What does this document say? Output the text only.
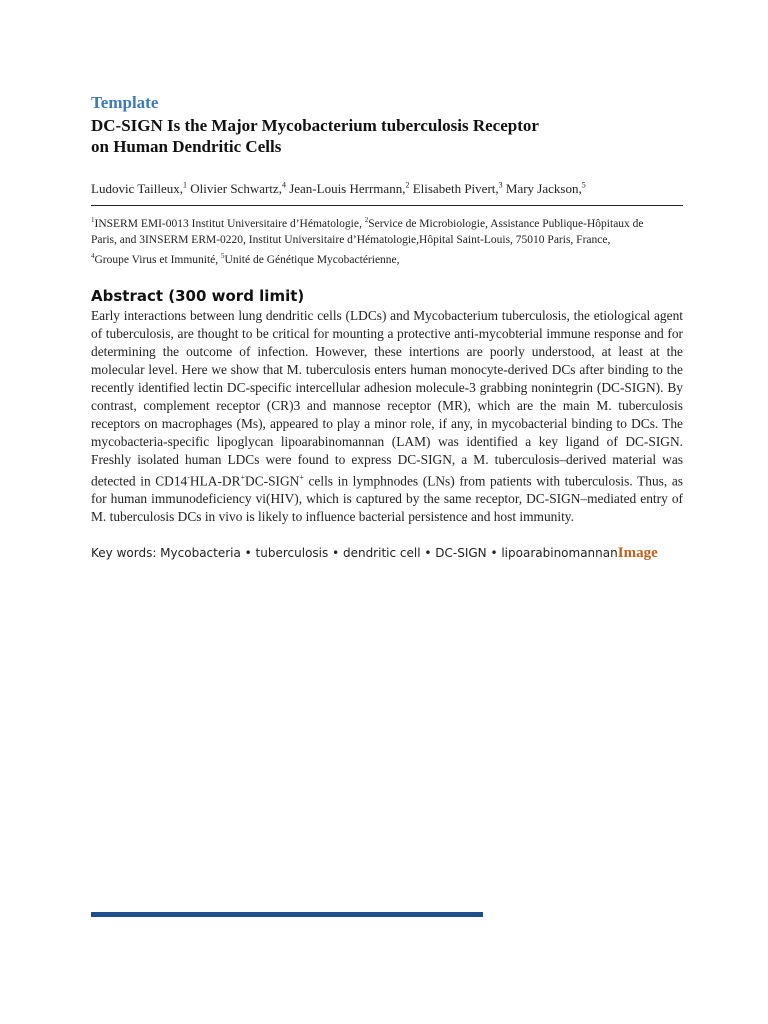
Template
DC-SIGN Is the Major Mycobacterium tuberculosis Receptor
on Human Dendritic Cells
Ludovic Tailleux,$^1$ Olivier Schwartz,$^4$ Jean-Louis Herrmann,$^2$ Elisabeth Pivert,$^3$ Mary Jackson,$^5$
$^1$INSERM EMI-0013 Institut Universitaire d’Hématologie, $^2$Service de Microbiologie, Assistance Publique-Hôpitaux de Paris, and 3INSERM ERM-0220, Institut Universitaire d’Hématologie,Hôpital Saint-Louis, 75010 Paris, France, $^4$Groupe Virus et Immunité, $^5$Unité de Génétique Mycobactérienne,
Abstract (300 word limit)
Early interactions between lung dendritic cells (LDCs) and Mycobacterium tuberculosis, the etiological agent of tuberculosis, are thought to be critical for mounting a protective anti-mycobterial immune response and for determining the outcome of infection. However, these intertions are poorly understood, at least at the molecular level. Here we show that M. tuberculosis enters human monocyte-derived DCs after binding to the recently identified lectin DC-specific intercellular adhesion molecule-3 grabbing nonintegrin (DC-SIGN). By contrast, complement receptor (CR)3 and mannose receptor (MR), which are the main M. tuberculosis receptors on macrophages (Ms), appeared to play a minor role, if any, in mycobacterial binding to DCs. The mycobacteria-specific lipoglycan lipoarabinomannan (LAM) was identified a key ligand of DC-SIGN. Freshly isolated human LDCs were found to express DC-SIGN, a M. tuberculosis–derived material was detected in CD14-HLA-DR+DC-SIGN+ cells in lymphnodes (LNs) from patients with tuberculosis. Thus, as for human immunodeficiency vi(HIV), which is captured by the same receptor, DC-SIGN–mediated entry of M. tuberculosis DCs in vivo is likely to influence bacterial persistence and host immunity.
Key words: Mycobacteria • tuberculosis • dendritic cell • DC-SIGN • lipoarabinomannanImage
